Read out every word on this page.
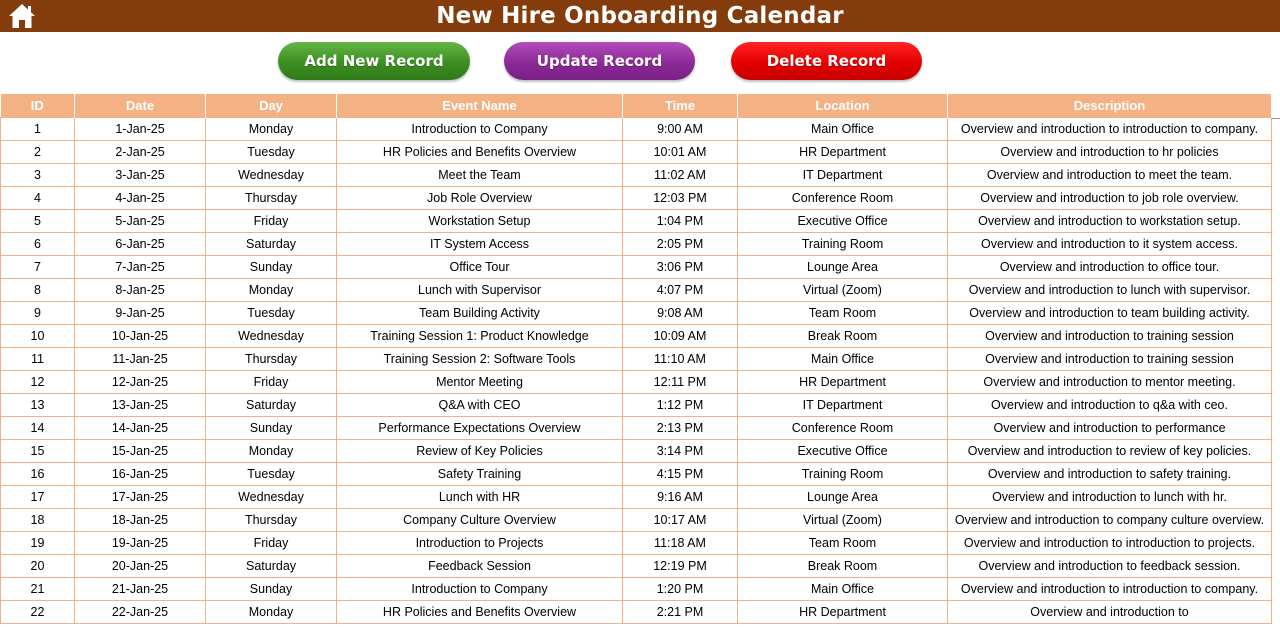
New Hire Onboarding Calendar
Add New Record	Update Record	Delete Record
ID	Date	Day	Event Name	Time	Location	Description
1	1-Jan-25	Monday	Introduction to Company	9:00 AM	Main Office	Overview and introduction to introduction to company.
2	2-Jan-25	Tuesday	HR Policies and Benefits Overview	10:01 AM	HR Department	Overview and introduction to hr policies
3	3-Jan-25	Wednesday	Meet the Team	11:02 AM	IT Department	Overview and introduction to meet the team.
4	4-Jan-25	Thursday	Job Role Overview	12:03 PM	Conference Room	Overview and introduction to job role overview.
5	5-Jan-25	Friday	Workstation Setup	1:04 PM	Executive Office	Overview and introduction to workstation setup.
6	6-Jan-25	Saturday	IT System Access	2:05 PM	Training Room	Overview and introduction to it system access.
7	7-Jan-25	Sunday	Office Tour	3:06 PM	Lounge Area	Overview and introduction to office tour.
8	8-Jan-25	Monday	Lunch with Supervisor	4:07 PM	Virtual (Zoom)	Overview and introduction to lunch with supervisor.
9	9-Jan-25	Tuesday	Team Building Activity	9:08 AM	Team Room	Overview and introduction to team building activity.
10	10-Jan-25	Wednesday	Training Session 1: Product Knowledge	10:09 AM	Break Room	Overview and introduction to training session
11	11-Jan-25	Thursday	Training Session 2: Software Tools	11:10 AM	Main Office	Overview and introduction to training session
12	12-Jan-25	Friday	Mentor Meeting	12:11 PM	HR Department	Overview and introduction to mentor meeting.
13	13-Jan-25	Saturday	Q&A with CEO	1:12 PM	IT Department	Overview and introduction to q&a with ceo.
14	14-Jan-25	Sunday	Performance Expectations Overview	2:13 PM	Conference Room	Overview and introduction to performance
15	15-Jan-25	Monday	Review of Key Policies	3:14 PM	Executive Office	Overview and introduction to review of key policies.
16	16-Jan-25	Tuesday	Safety Training	4:15 PM	Training Room	Overview and introduction to safety training.
17	17-Jan-25	Wednesday	Lunch with HR	9:16 AM	Lounge Area	Overview and introduction to lunch with hr.
18	18-Jan-25	Thursday	Company Culture Overview	10:17 AM	Virtual (Zoom)	Overview and introduction to company culture overview.
19	19-Jan-25	Friday	Introduction to Projects	11:18 AM	Team Room	Overview and introduction to introduction to projects.
20	20-Jan-25	Saturday	Feedback Session	12:19 PM	Break Room	Overview and introduction to feedback session.
21	21-Jan-25	Sunday	Introduction to Company	1:20 PM	Main Office	Overview and introduction to introduction to company.
22	22-Jan-25	Monday	HR Policies and Benefits Overview	2:21 PM	HR Department	Overview and introduction to
